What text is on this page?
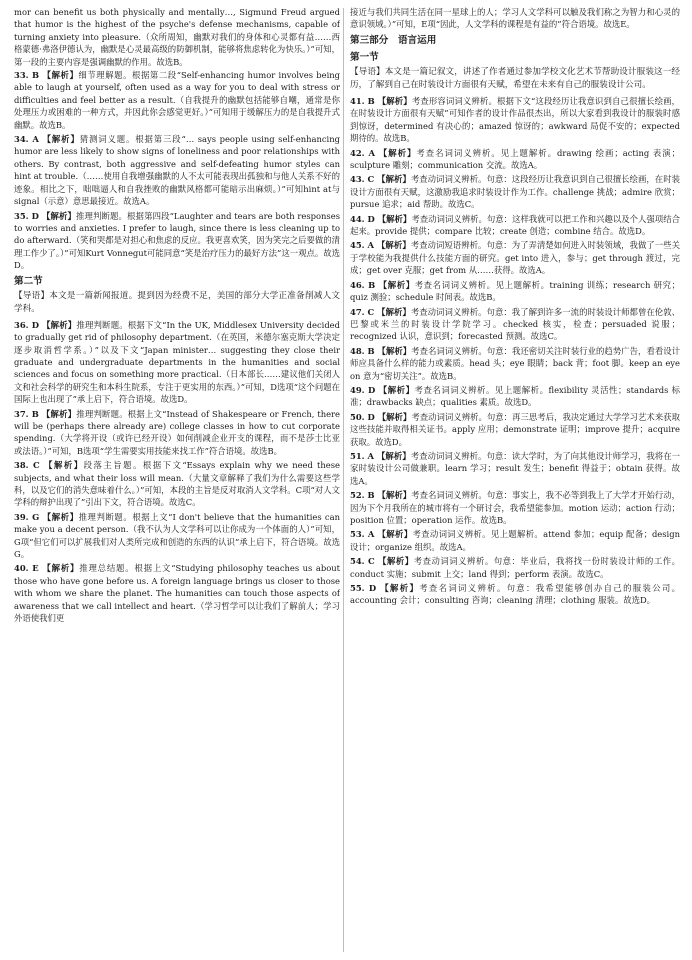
mor can benefit us both physically and mentally…, Sigmund Freud argued that humor is the highest of the psyche's defense mechanisms, capable of turning anxiety into pleasure.（众所周知，幽默对我们的身体和心灵都有益……西格蒙德·弗洛伊德认为，幽默是心灵最高级的防御机制，能够将焦虑转化为快乐。）”可知，第一段的主要内容是强调幽默的作用。故选B。

33. B 【解析】细节理解题。根据第二段“Self-enhancing humor involves being able to laugh at yourself, often used as a way for you to deal with stress or difficulties and feel better as a result.（自我提升的幽默包括能够自嘲，通常是你处理压力或困难的一种方式，并因此你会感觉更好。）”可知用于缓解压力的是自我提升式幽默。故选B。

34. A 【解析】猜测词义题。根据第三段“… says people using self-enhancing humor are less likely to show signs of loneliness and poor relationships with others. By contrast, both aggressive and self-defeating humor styles can hint at trouble.（……使用自我增强幽默的人不太可能表现出孤独和与他人关系不好的迹象。相比之下，咄咄逼人和自我挫败的幽默风格都可能暗示出麻烦。）”可知hint at与signal（示意）意思最接近。故选A。

35. D 【解析】推理判断题。根据第四段“Laughter and tears are both responses to worries and anxieties. I prefer to laugh, since there is less cleaning up to do afterward.（笑和哭都是对担心和焦虑的反应。我更喜欢笑，因为笑完之后要做的清理工作少了。）”可知Kurt Vonnegut可能同意“笑是治疗压力的最好方法”这一观点。故选D。

第二节
【导语】本文是一篇新闻报道。提到因为经费不足，美国的部分大学正准备削减人文学科。

36. D 【解析】推理判断题。根据下文“In the UK, Middlesex University decided to gradually get rid of philosophy department.（在英国，米德尔塞克斯大学决定逐步取消哲学系。）”以及下文“Japan minister… suggesting they close their graduate and undergraduate departments in the humanities and social sciences and focus on something more practical.（日本部长……建议他们关闭人文和社会科学的研究生和本科生院系，专注于更实用的东西。）”可知，D选项“这个问题在国际上也出现了”承上启下，符合语境。故选D。

37. B 【解析】推理判断题。根据上文“Instead of Shakespeare or French, there will be (perhaps there already are) college classes in how to cut corporate spending.（大学将开设（或许已经开设）如何削减企业开支的课程，而不是莎士比亚或法语。）”可知，B选项“学生需要实用技能来找工作”符合语境。故选B。

38. C 【解析】段落主旨题。根据下文“Essays explain why we need these subjects, and what their loss will mean.（大量文章解释了我们为什么需要这些学科，以及它们的消失意味着什么。）”可知，本段的主旨是反对取消人文学科。C项“对人文学科的辩护出现了”引出下文，符合语境。故选C。

39. G 【解析】推理判断题。根据上文“I don't believe that the humanities can make you a decent person.（我不认为人文学科可以让你成为一个体面的人）”可知，G项“但它们可以扩展我们对人类所完成和创造的东西的认识”承上启下，符合语境。故选G。

40. E 【解析】推理总结题。根据上文“Studying philosophy teaches us about those who have gone before us. A foreign language brings us closer to those with whom we share the planet. The humanities can touch those aspects of awareness that we call intellect and heart.（学习哲学可以让我们了解前人；学习外语使我们更

接近与我们共同生活在同一星球上的人；学习人文学科可以触及我们称之为智力和心灵的意识领域。）”可知，E项“因此，人文学科的课程是有益的”符合语境。故选E。

第三部分　语言运用
第一节
【导语】本文是一篇记叙文，讲述了作者通过参加学校文化艺术节帮助设计服装这一经历，了解到自己在时装设计方面很有天赋，希望在未来有自己的服装设计公司。

41. B 【解析】考查形容词词义辨析。根据下文“这段经历让我意识到自己很擅长绘画，在时装设计方面很有天赋”可知作者的设计作品很杰出，所以大家看到我设计的服装时感到惊讶，determined 有决心的；amazed 惊讶的；awkward 局促不安的；expected 期待的。故选B。

42. A 【解析】考查名词词义辨析。见上题解析。drawing 绘画；acting 表演；sculpture 雕刻；communication 交流。故选A。

43. C 【解析】考查动词词义辨析。句意：这段经历让我意识到自己很擅长绘画，在时装设计方面很有天赋，这激励我追求时装设计作为工作。challenge 挑战；admire 欣赏；pursue 追求；aid 帮助。故选C。

44. D 【解析】考查动词词义辨析。句意：这样我就可以把工作和兴趣以及个人强项结合起来。provide 提供；compare 比较；create 创造；combine 结合。故选D。

45. A 【解析】考查动词短语辨析。句意：为了弄清楚如何进入时装领域，我做了一些关于学校能为我提供什么技能方面的研究。get into 进入，参与；get through 渡过，完成；get over 克服；get from 从……获得。故选A。

46. B 【解析】考查名词词义辨析。见上题解析。training 训练；research 研究；quiz 测验；schedule 时间表。故选B。

47. C 【解析】考查动词词义辨析。句意：我了解到许多一流的时装设计师都曾在伦敦、巴黎或米兰的时装设计学院学习。checked 核实，检查；persuaded 说服；recognized 认识，意识到；forecasted 预测。故选C。

48. B 【解析】考查名词词义辨析。句意：我还密切关注时装行业的趋势广告，看看设计师应具备什么样的能力或素质。head 头；eye 眼睛；back 背；foot 脚。keep an eye on 意为“密切关注”。故选B。

49. D 【解析】考查名词词义辨析。见上题解析。flexibility 灵活性；standards 标准；drawbacks 缺点；qualities 素质。故选D。

50. D 【解析】考查动词词义辨析。句意：再三思考后，我决定通过大学学习艺术来获取这些技能并取得相关证书。apply 应用；demonstrate 证明；improve 提升；acquire 获取。故选D。

51. A 【解析】考查动词词义辨析。句意：读大学时，为了向其他设计师学习，我将在一家时装设计公司做兼职。learn 学习；result 发生；benefit 得益于；obtain 获得。故选A。

52. B 【解析】考查名词词义辨析。句意：事实上，我不必等到我上了大学才开始行动，因为下个月我所在的城市将有一个研讨会，我希望能参加。motion 运动；action 行动；position 位置；operation 运作。故选B。

53. A 【解析】考查动词词义辨析。见上题解析。attend 参加；equip 配备；design 设计；organize 组织。故选A。

54. C 【解析】考查动词词义辨析。句意：毕业后，我将找一份时装设计师的工作。conduct 实施；submit 上交；land 得到；perform 表演。故选C。

55. D 【解析】考查名词词义辨析。句意：我希望能够创办自己的服装公司。accounting 会计；consulting 咨询；cleaning 清理；clothing 服装。故选D。
